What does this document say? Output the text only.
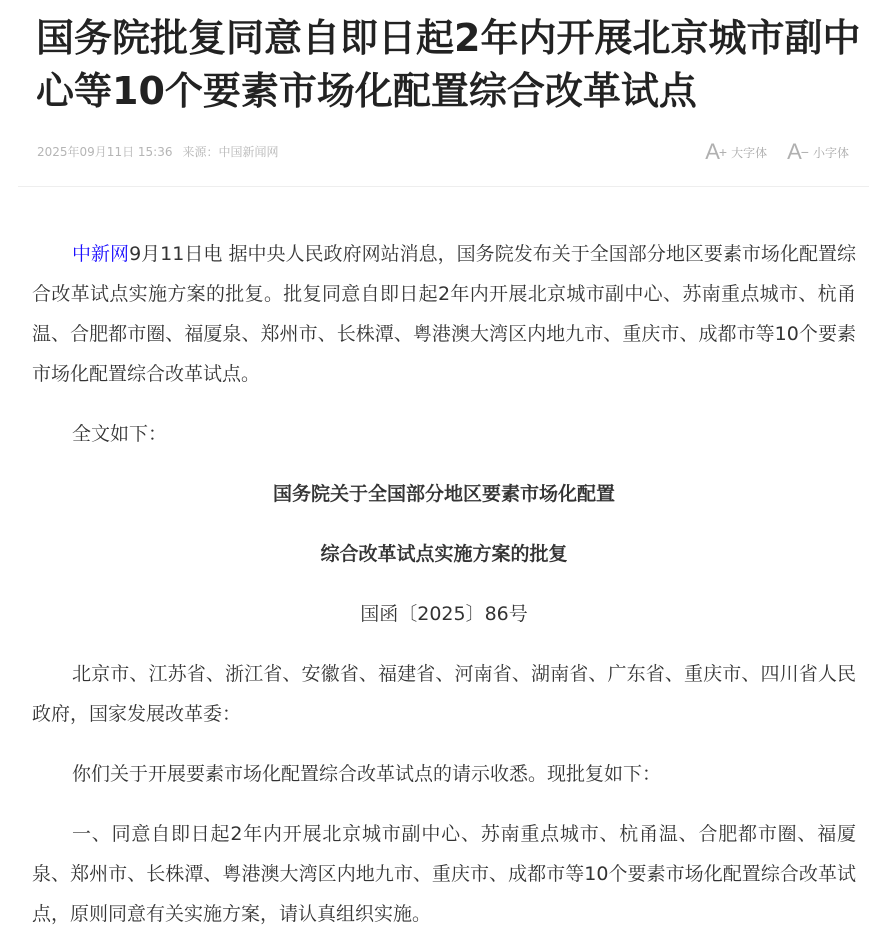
国务院批复同意自即日起2年内开展北京城市副中心等10个要素市场化配置综合改革试点
2025年09月11日 15:36 来源：中国新闻网	A+ 大字体 A− 小字体

中新网9月11日电 据中央人民政府网站消息，国务院发布关于全国部分地区要素市场化配置综合改革试点实施方案的批复。批复同意自即日起2年内开展北京城市副中心、苏南重点城市、杭甬温、合肥都市圈、福厦泉、郑州市、长株潭、粤港澳大湾区内地九市、重庆市、成都市等10个要素市场化配置综合改革试点。

全文如下：

国务院关于全国部分地区要素市场化配置

综合改革试点实施方案的批复

国函〔2025〕86号

北京市、江苏省、浙江省、安徽省、福建省、河南省、湖南省、广东省、重庆市、四川省人民政府，国家发展改革委：

你们关于开展要素市场化配置综合改革试点的请示收悉。现批复如下：

一、同意自即日起2年内开展北京城市副中心、苏南重点城市、杭甬温、合肥都市圈、福厦泉、郑州市、长株潭、粤港澳大湾区内地九市、重庆市、成都市等10个要素市场化配置综合改革试点，原则同意有关实施方案，请认真组织实施。
